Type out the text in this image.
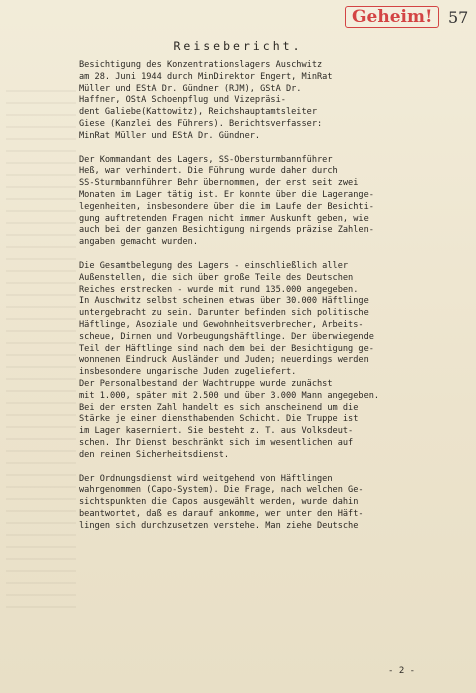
Geheim! 57
Reisebericht.

Besichtigung des Konzentrationslagers Auschwitz
am 28. Juni 1944 durch MinDirektor Engert, MinRat
Müller und EStA Dr. Gündner (RJM), GStA Dr.
Haffner, OStA Schoenpflug und Vizepräsi-
dent Galiebe(Kattowitz), Reichshauptamtsleiter
Giese (Kanzlei des Führers). Berichtsverfasser:
MinRat Müller und EStA Dr. Gündner.

Der Kommandant des Lagers, SS-Obersturmbannführer
Heß, war verhindert. Die Führung wurde daher durch
SS-Sturmbannführer Behr übernommen, der erst seit zwei
Monaten im Lager tätig ist. Er konnte über die Lagerange-
legenheiten, insbesondere über die im Laufe der Besichti-
gung auftretenden Fragen nicht immer Auskunft geben, wie
auch bei der ganzen Besichtigung nirgends präzise Zahlen-
angaben gemacht wurden.

Die Gesamtbelegung des Lagers - einschließlich aller
Außenstellen, die sich über große Teile des Deutschen
Reiches erstrecken - wurde mit rund 135.000 angegeben.
In Auschwitz selbst scheinen etwas über 30.000 Häftlinge
untergebracht zu sein. Darunter befinden sich politische
Häftlinge, Asoziale und Gewohnheitsverbrecher, Arbeits-
scheue, Dirnen und Vorbeugungshäftlinge. Der überwiegende
Teil der Häftlinge sind nach dem bei der Besichtigung ge-
wonnenen Eindruck Ausländer und Juden; neuerdings werden
insbesondere ungarische Juden zugeliefert.
Der Personalbestand der Wachtruppe wurde zunächst
mit 1.000, später mit 2.500 und über 3.000 Mann angegeben.
Bei der ersten Zahl handelt es sich anscheinend um die
Stärke je einer diensthabenden Schicht. Die Truppe ist
im Lager kaserniert. Sie besteht z. T. aus Volksdeut-
schen. Ihr Dienst beschränkt sich im wesentlichen auf
den reinen Sicherheitsdienst.

Der Ordnungsdienst wird weitgehend von Häftlingen
wahrgenommen (Capo-System). Die Frage, nach welchen Ge-
sichtspunkten die Capos ausgewählt werden, wurde dahin
beantwortet, daß es darauf ankomme, wer unter den Häft-
lingen sich durchzusetzen verstehe. Man ziehe Deutsche

- 2 -
